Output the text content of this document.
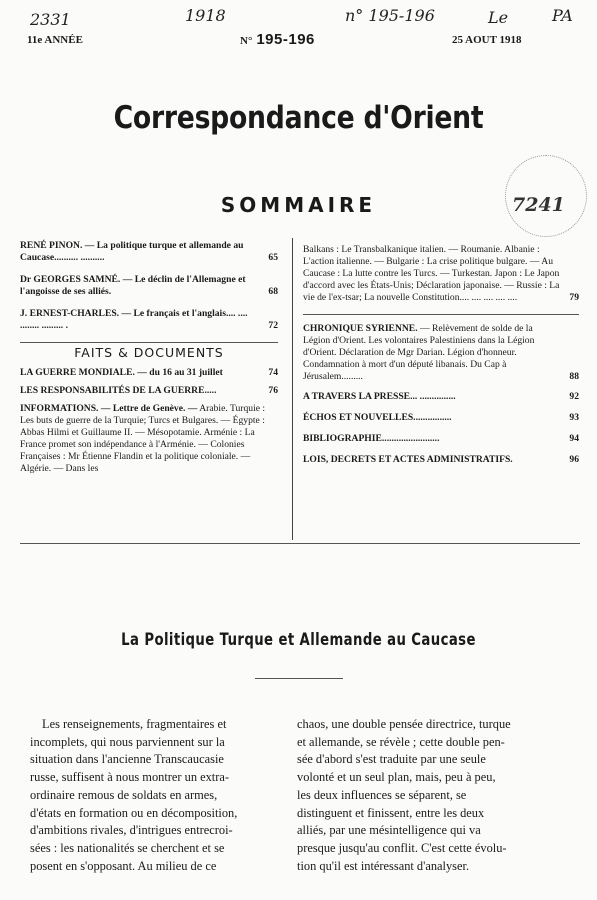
2331	1918	n° 195-196	Le	PA
11e ANNÉE	N° 195-196	25 AOUT 1918
Correspondance d'Orient
7241
SOMMAIRE
RENÉ PINON. — La politique turque et allemande au Caucase.......... ..........	65
Dr GEORGES SAMNÉ. — Le déclin de l'Allemagne et l'angoisse de ses alliés.	68
J. ERNEST-CHARLES. — Le français et l'anglais.... .... ........ ......... .	72
FAITS & DOCUMENTS
LA GUERRE MONDIALE. — du 16 au 31 juillet	74
LES RESPONSABILITÉS DE LA GUERRE.....	76
INFORMATIONS. — Lettre de Genève. — Arabie. Turquie : Les buts de guerre de la Turquie; Turcs et Bulgares. — Égypte : Abbas Hilmi et Guillaume II. — Mésopotamie. Arménie : La France promet son indépendance à l'Arménie. — Colonies Françaises : Mr Étienne Flandin et la politique coloniale. — Algérie. — Dans les
Balkans : Le Transbalkanique italien. — Roumanie. Albanie : L'action italienne. — Bulgarie : La crise politique bulgare. — Au Caucase : La lutte contre les Turcs. — Turkestan. Japon : Le Japon d'accord avec les États-Unis; Déclaration japonaise. — Russie : La vie de l'ex-tsar; La nouvelle Constitution.... .... .... .... ....	79
CHRONIQUE SYRIENNE. — Relèvement de solde de la Légion d'Orient. Les volontaires Palestiniens dans la Légion d'Orient. Déclaration de Mgr Darian. Légion d'honneur. Condamnation à mort d'un député libanais. Du Cap à Jérusalem.........	88
A TRAVERS LA PRESSE... ...............	92
ÉCHOS ET NOUVELLES................	93
BIBLIOGRAPHIE........................	94
LOIS, DECRETS ET ACTES ADMINISTRATIFS.	96
La Politique Turque et Allemande au Caucase
Les renseignements, fragmentaires et
incomplets, qui nous parviennent sur la
situation dans l'ancienne Transcaucasie
russe, suffisent à nous montrer un extra-
ordinaire remous de soldats en armes,
d'états en formation ou en décomposition,
d'ambitions rivales, d'intrigues entrecroi-
sées : les nationalités se cherchent et se
posent en s'opposant. Au milieu de ce
chaos, une double pensée directrice, turque
et allemande, se révèle ; cette double pen-
sée d'abord s'est traduite par une seule
volonté et un seul plan, mais, peu à peu,
les deux influences se séparent, se
distinguent et finissent, entre les deux
alliés, par une mésintelligence qui va
presque jusqu'au conflit. C'est cette évolu-
tion qu'il est intéressant d'analyser.
